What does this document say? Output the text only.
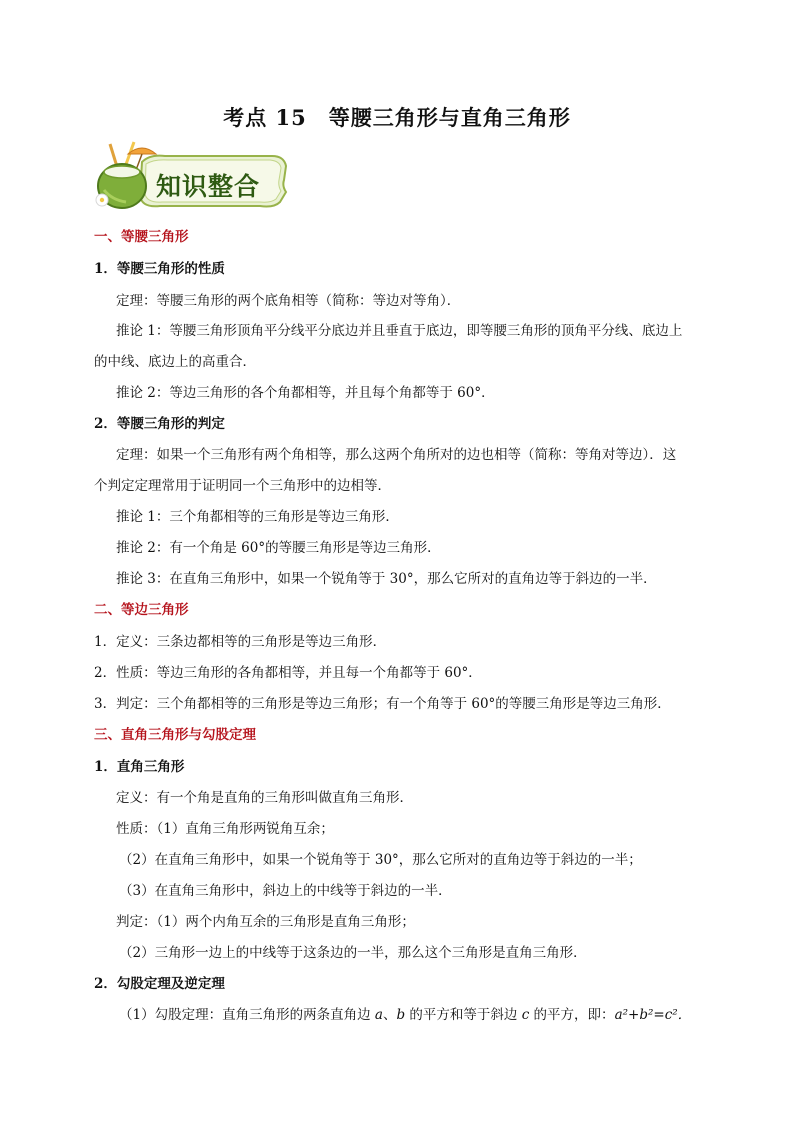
考点 15　等腰三角形与直角三角形
知识整合
一、等腰三角形
1．等腰三角形的性质
定理：等腰三角形的两个底角相等（简称：等边对等角）．
推论 1：等腰三角形顶角平分线平分底边并且垂直于底边，即等腰三角形的顶角平分线、底边上
的中线、底边上的高重合．
推论 2：等边三角形的各个角都相等，并且每个角都等于 60°．
2．等腰三角形的判定
定理：如果一个三角形有两个角相等，那么这两个角所对的边也相等（简称：等角对等边）．这
个判定定理常用于证明同一个三角形中的边相等．
推论 1：三个角都相等的三角形是等边三角形．
推论 2：有一个角是 60°的等腰三角形是等边三角形．
推论 3：在直角三角形中，如果一个锐角等于 30°，那么它所对的直角边等于斜边的一半．
二、等边三角形
1．定义：三条边都相等的三角形是等边三角形．
2．性质：等边三角形的各角都相等，并且每一个角都等于 60°．
3．判定：三个角都相等的三角形是等边三角形；有一个角等于 60°的等腰三角形是等边三角形．
三、直角三角形与勾股定理
1．直角三角形
定义：有一个角是直角的三角形叫做直角三角形．
性质：（1）直角三角形两锐角互余；
（2）在直角三角形中，如果一个锐角等于 30°，那么它所对的直角边等于斜边的一半；
（3）在直角三角形中，斜边上的中线等于斜边的一半．
判定：（1）两个内角互余的三角形是直角三角形；
（2）三角形一边上的中线等于这条边的一半，那么这个三角形是直角三角形．
2．勾股定理及逆定理
（1）勾股定理：直角三角形的两条直角边 a、b 的平方和等于斜边 c 的平方，即：a²+b²=c²．
